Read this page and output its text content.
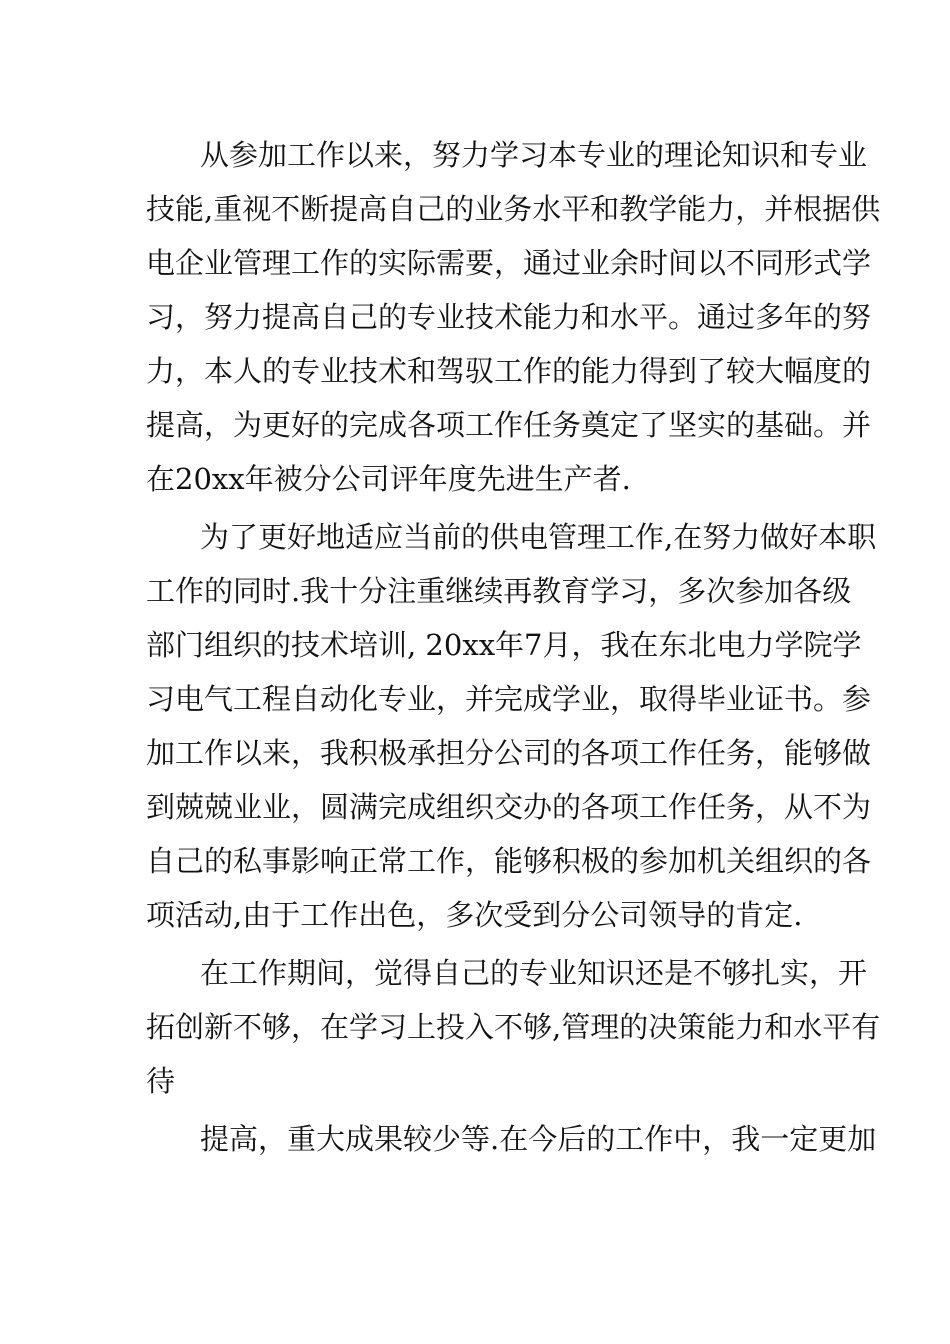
从参加工作以来，努力学习本专业的理论知识和专业
技能,重视不断提高自己的业务水平和教学能力，并根据供
电企业管理工作的实际需要，通过业余时间以不同形式学
习，努力提高自己的专业技术能力和水平。通过多年的努
力，本人的专业技术和驾驭工作的能力得到了较大幅度的
提高，为更好的完成各项工作任务奠定了坚实的基础。并
在20xx年被分公司评年度先进生产者.
为了更好地适应当前的供电管理工作,在努力做好本职
工作的同时.我十分注重继续再教育学习，多次参加各级
部门组织的技术培训, 20xx年7月，我在东北电力学院学
习电气工程自动化专业，并完成学业，取得毕业证书。参
加工作以来，我积极承担分公司的各项工作任务，能够做
到兢兢业业，圆满完成组织交办的各项工作任务，从不为
自己的私事影响正常工作，能够积极的参加机关组织的各
项活动,由于工作出色，多次受到分公司领导的肯定.
在工作期间，觉得自己的专业知识还是不够扎实，开
拓创新不够，在学习上投入不够,管理的决策能力和水平有
待
提高，重大成果较少等.在今后的工作中，我一定更加
